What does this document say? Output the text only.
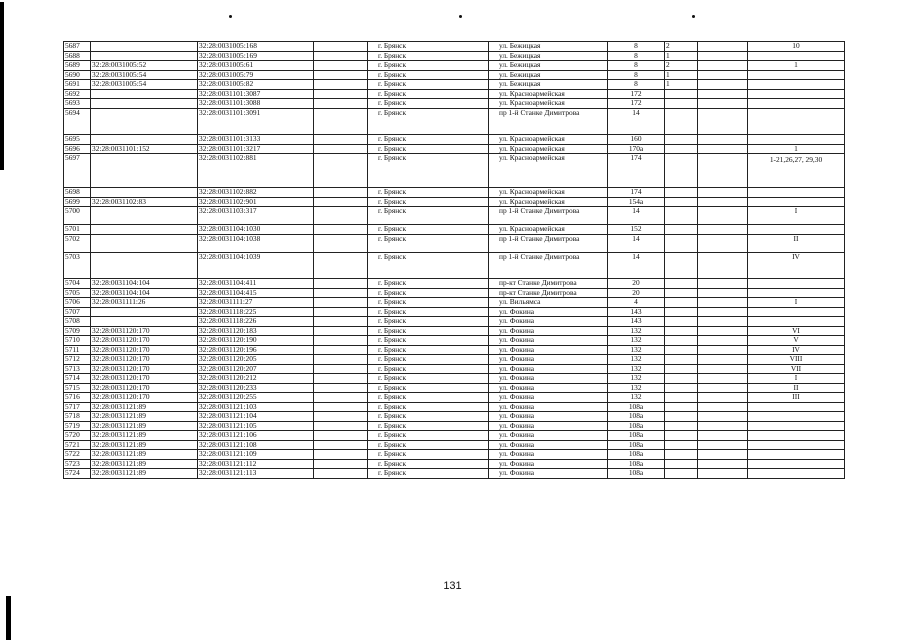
5687		32:28:0031005:168		г. Брянск	ул. Бежицкая	8	2		10
5688		32:28:0031005:169		г. Брянск	ул. Бежицкая	8	1		
5689	32:28:0031005:52	32:28:0031005:61		г. Брянск	ул. Бежицкая	8	2		1
5690	32:28:0031005:54	32:28:0031005:79		г. Брянск	ул. Бежицкая	8	1		
5691	32:28:0031005:54	32:28:0031005:82		г. Брянск	ул. Бежицкая	8	1		
5692		32:28:0031101:3087		г. Брянск	ул. Красноармейская	172			
5693		32:28:0031101:3088		г. Брянск	ул. Красноармейская	172			
5694		32:28:0031101:3091		г. Брянск	пр 1-й Станке Димитрова	14			
5695		32:28:0031101:3133		г. Брянск	ул. Красноармейская	160			
5696	32:28:0031101:152	32:28:0031101:3217		г. Брянск	ул. Красноармейская	170а			1
5697		32:28:0031102:881		г. Брянск	ул. Красноармейская	174			1-21,26,27, 29,30
5698		32:28:0031102:882		г. Брянск	ул. Красноармейская	174			
5699	32:28:0031102:83	32:28:0031102:901		г. Брянск	ул. Красноармейская	154а			
5700		32:28:0031103:317		г. Брянск	пр 1-й Станке Димитрова	14			I
5701		32:28:0031104:1030		г. Брянск	ул. Красноармейская	152			
5702		32:28:0031104:1038		г. Брянск	пр 1-й Станке Димитрова	14			II
5703		32:28:0031104:1039		г. Брянск	пр 1-й Станке Димитрова	14			IV
5704	32:28:0031104:104	32:28:0031104:411		г. Брянск	пр-кт Станке Димитрова	20			
5705	32:28:0031104:104	32:28:0031104:415		г. Брянск	пр-кт Станке Димитрова	20			
5706	32:28:0031111:26	32:28:0031111:27		г. Брянск	ул. Вильямса	4			I
5707		32:28:0031118:225		г. Брянск	ул. Фокина	143			
5708		32:28:0031118:226		г. Брянск	ул. Фокина	143			
5709	32:28:0031120:170	32:28:0031120:183		г. Брянск	ул. Фокина	132			VI
5710	32:28:0031120:170	32:28:0031120:190		г. Брянск	ул. Фокина	132			V
5711	32:28:0031120:170	32:28:0031120:196		г. Брянск	ул. Фокина	132			IV
5712	32:28:0031120:170	32:28:0031120:205		г. Брянск	ул. Фокина	132			VIII
5713	32:28:0031120:170	32:28:0031120:207		г. Брянск	ул. Фокина	132			VII
5714	32:28:0031120:170	32:28:0031120:212		г. Брянск	ул. Фокина	132			I
5715	32:28:0031120:170	32:28:0031120:233		г. Брянск	ул. Фокина	132			II
5716	32:28:0031120:170	32:28:0031120:255		г. Брянск	ул. Фокина	132			III
5717	32:28:0031121:89	32:28:0031121:103		г. Брянск	ул. Фокина	108а			
5718	32:28:0031121:89	32:28:0031121:104		г. Брянск	ул. Фокина	108а			
5719	32:28:0031121:89	32:28:0031121:105		г. Брянск	ул. Фокина	108а			
5720	32:28:0031121:89	32:28:0031121:106		г. Брянск	ул. Фокина	108а			
5721	32:28:0031121:89	32:28:0031121:108		г. Брянск	ул. Фокина	108а			
5722	32:28:0031121:89	32:28:0031121:109		г. Брянск	ул. Фокина	108а			
5723	32:28:0031121:89	32:28:0031121:112		г. Брянск	ул. Фокина	108а			
5724	32:28:0031121:89	32:28:0031121:113		г. Брянск	ул. Фокина	108а			
131
